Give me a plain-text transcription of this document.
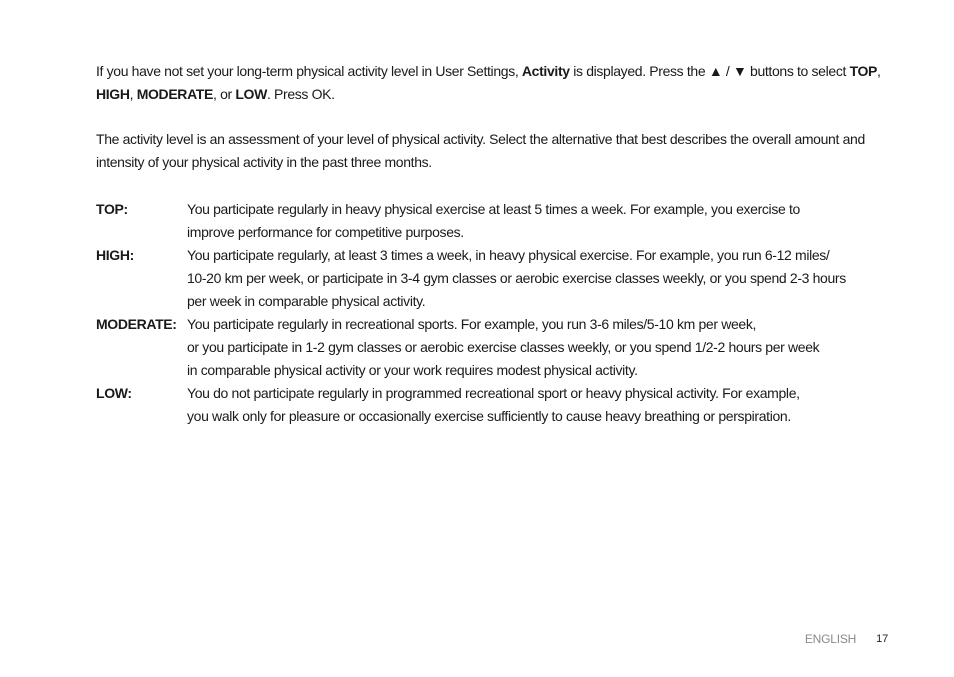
If you have not set your long-term physical activity level in User Settings, Activity is displayed. Press the ▲ / ▼ buttons to select TOP, HIGH, MODERATE, or LOW. Press OK.

The activity level is an assessment of your level of physical activity. Select the alternative that best describes the overall amount and intensity of your physical activity in the past three months.

TOP:	You participate regularly in heavy physical exercise at least 5 times a week. For example, you exercise to
improve performance for competitive purposes.
HIGH:	You participate regularly, at least 3 times a week, in heavy physical exercise. For example, you run 6-12 miles/
10-20 km per week, or participate in 3-4 gym classes or aerobic exercise classes weekly, or you spend 2-3 hours
per week in comparable physical activity.
MODERATE: You participate regularly in recreational sports. For example, you run 3-6 miles/5-10 km per week,
or you participate in 1-2 gym classes or aerobic exercise classes weekly, or you spend 1/2-2 hours per week
in comparable physical activity or your work requires modest physical activity.
LOW:	You do not participate regularly in programmed recreational sport or heavy physical activity. For example,
you walk only for pleasure or occasionally exercise sufficiently to cause heavy breathing or perspiration.
ENGLISH 17
